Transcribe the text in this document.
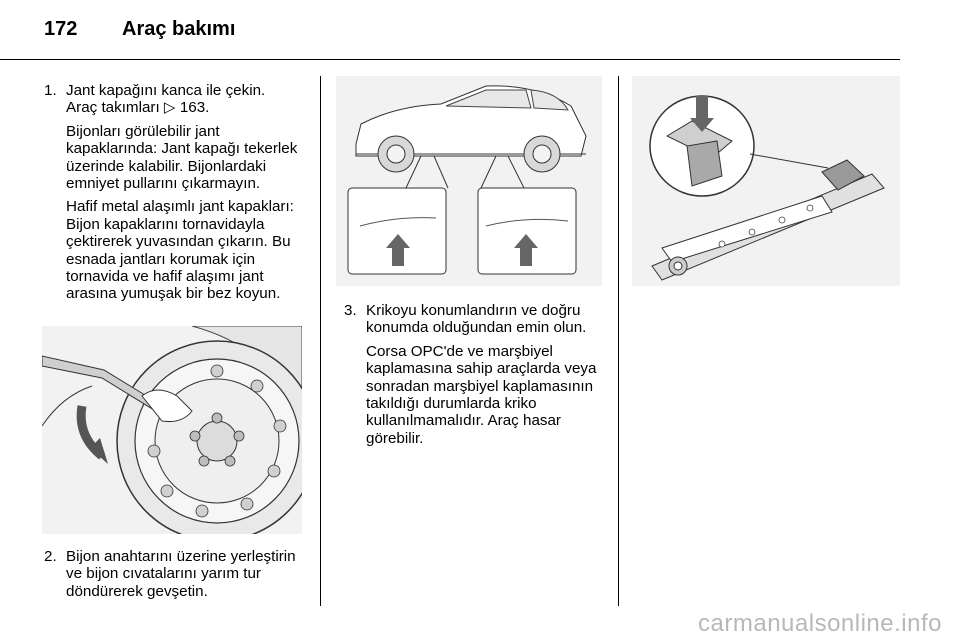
172	Araç bakımı
1. Jant kapağını kanca ile çekin.
Araç takımları ▷ 163.

Bijonları görülebilir jant kapaklarında: Jant kapağı tekerlek üzerinde kalabilir. Bijonlardaki emniyet pullarını çıkarmayın.

Hafif metal alaşımlı jant kapakları: Bijon kapaklarını tornavidayla çektirerek yuvasından çıkarın. Bu esnada jantları korumak için tornavida ve hafif alaşımı jant arasına yumuşak bir bez koyun.

2. Bijon anahtarını üzerine yerleştirin ve bijon cıvatalarını yarım tur döndürerek gevşetin.

3. Krikoyu konumlandırın ve doğru konumda olduğundan emin olun.

Corsa OPC'de ve marşbiyel kaplamasına sahip araçlarda veya sonradan marşbiyel kaplamasının takıldığı durumlarda kriko kullanılmamalıdır. Araç hasar görebilir.

carmanualsonline.info
